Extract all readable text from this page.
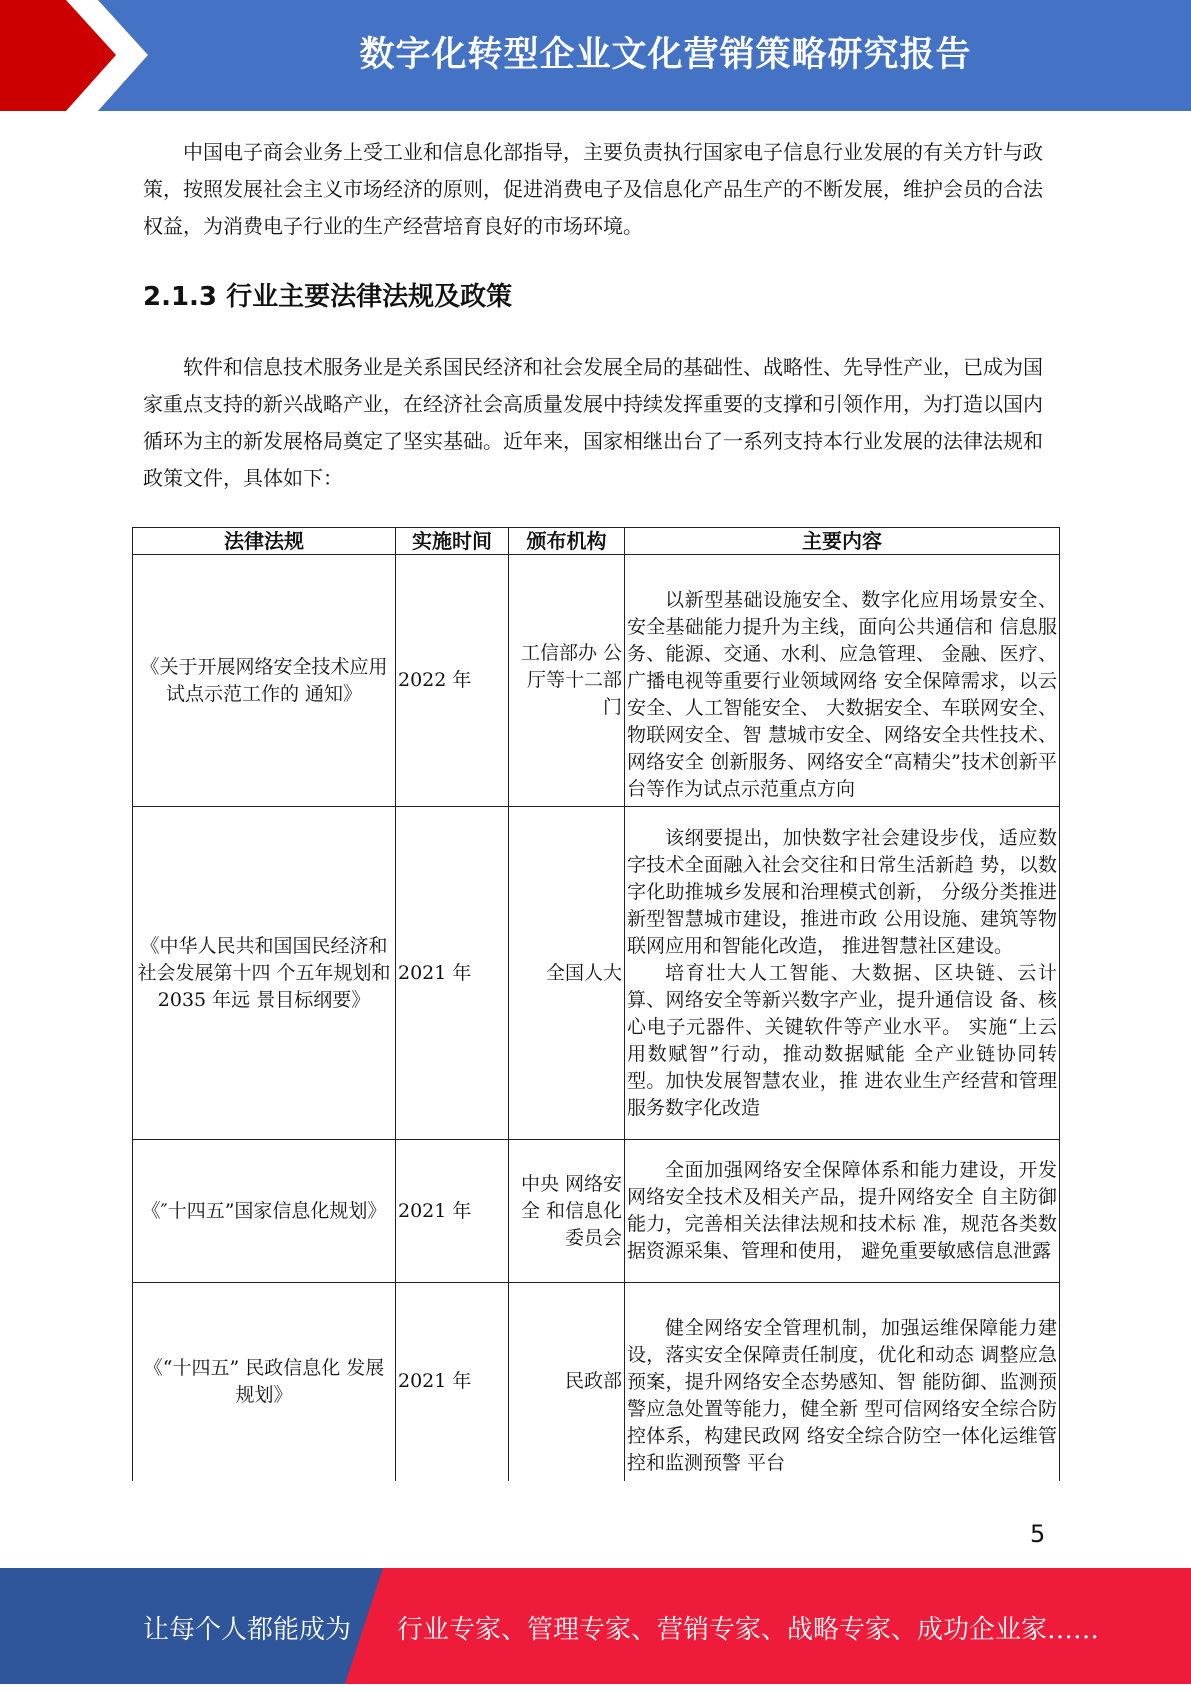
数字化转型企业文化营销策略研究报告

中国电子商会业务上受工业和信息化部指导，主要负责执行国家电子信息行业发展的有关方针与政策，按照发展社会主义市场经济的原则，促进消费电子及信息化产品生产的不断发展，维护会员的合法权益，为消费电子行业的生产经营培育良好的市场环境。

2.1.3 行业主要法律法规及政策

软件和信息技术服务业是关系国民经济和社会发展全局的基础性、战略性、先导性产业，已成为国家重点支持的新兴战略产业，在经济社会高质量发展中持续发挥重要的支撑和引领作用，为打造以国内循环为主的新发展格局奠定了坚实基础。近年来，国家相继出台了一系列支持本行业发展的法律法规和政策文件，具体如下：

法律法规	实施时间	颁布机构	主要内容
《关于开展网络安全技术应用试点示范工作的 通知》	2022 年	工信部办 公厅等十二部门	以新型基础设施安全、数字化应用场景安全、安全基础能力提升为主线，面向公共通信和 信息服务、能源、交通、水利、应急管理、 金融、医疗、广播电视等重要行业领域网络 安全保障需求，以云安全、人工智能安全、 大数据安全、车联网安全、物联网安全、智 慧城市安全、网络安全共性技术、网络安全 创新服务、网络安全“高精尖”技术创新平 台等作为试点示范重点方向

《中华人民共和国国民经济和社会发展第十四 个五年规划和 2035 年远 景目标纲要》	2021 年	全国人大	该纲要提出，加快数字社会建设步伐，适应数字技术全面融入社会交往和日常生活新趋 势，以数字化助推城乡发展和治理模式创新， 分级分类推进新型智慧城市建设，推进市政 公用设施、建筑等物联网应用和智能化改造， 推进智慧社区建设。

培育壮大人工智能、大数据、区块链、云计算、网络安全等新兴数字产业，提升通信设 备、核心电子元器件、关键软件等产业水平。 实施“上云用数赋智”行动，推动数据赋能 全产业链协同转型。加快发展智慧农业，推 进农业生产经营和管理服务数字化改造

《″十四五”国家信息化规划》	2021 年	中央 网络安全 和信息化 委员会	全面加强网络安全保障体系和能力建设，开发网络安全技术及相关产品，提升网络安全 自主防御能力，完善相关法律法规和技术标 准，规范各类数据资源采集、管理和使用， 避免重要敏感信息泄露

《“十四五” 民政信息化 发展规划》	2021 年	民政部	健全网络安全管理机制，加强运维保障能力建设，落实安全保障责任制度，优化和动态 调整应急预案，提升网络安全态势感知、智 能防御、监测预警应急处置等能力，健全新 型可信网络安全综合防控体系，构建民政网 络安全综合防空一体化运维管控和监测预警 平台

5
让每个人都能成为 行业专家、管理专家、营销专家、战略专家、成功企业家……
